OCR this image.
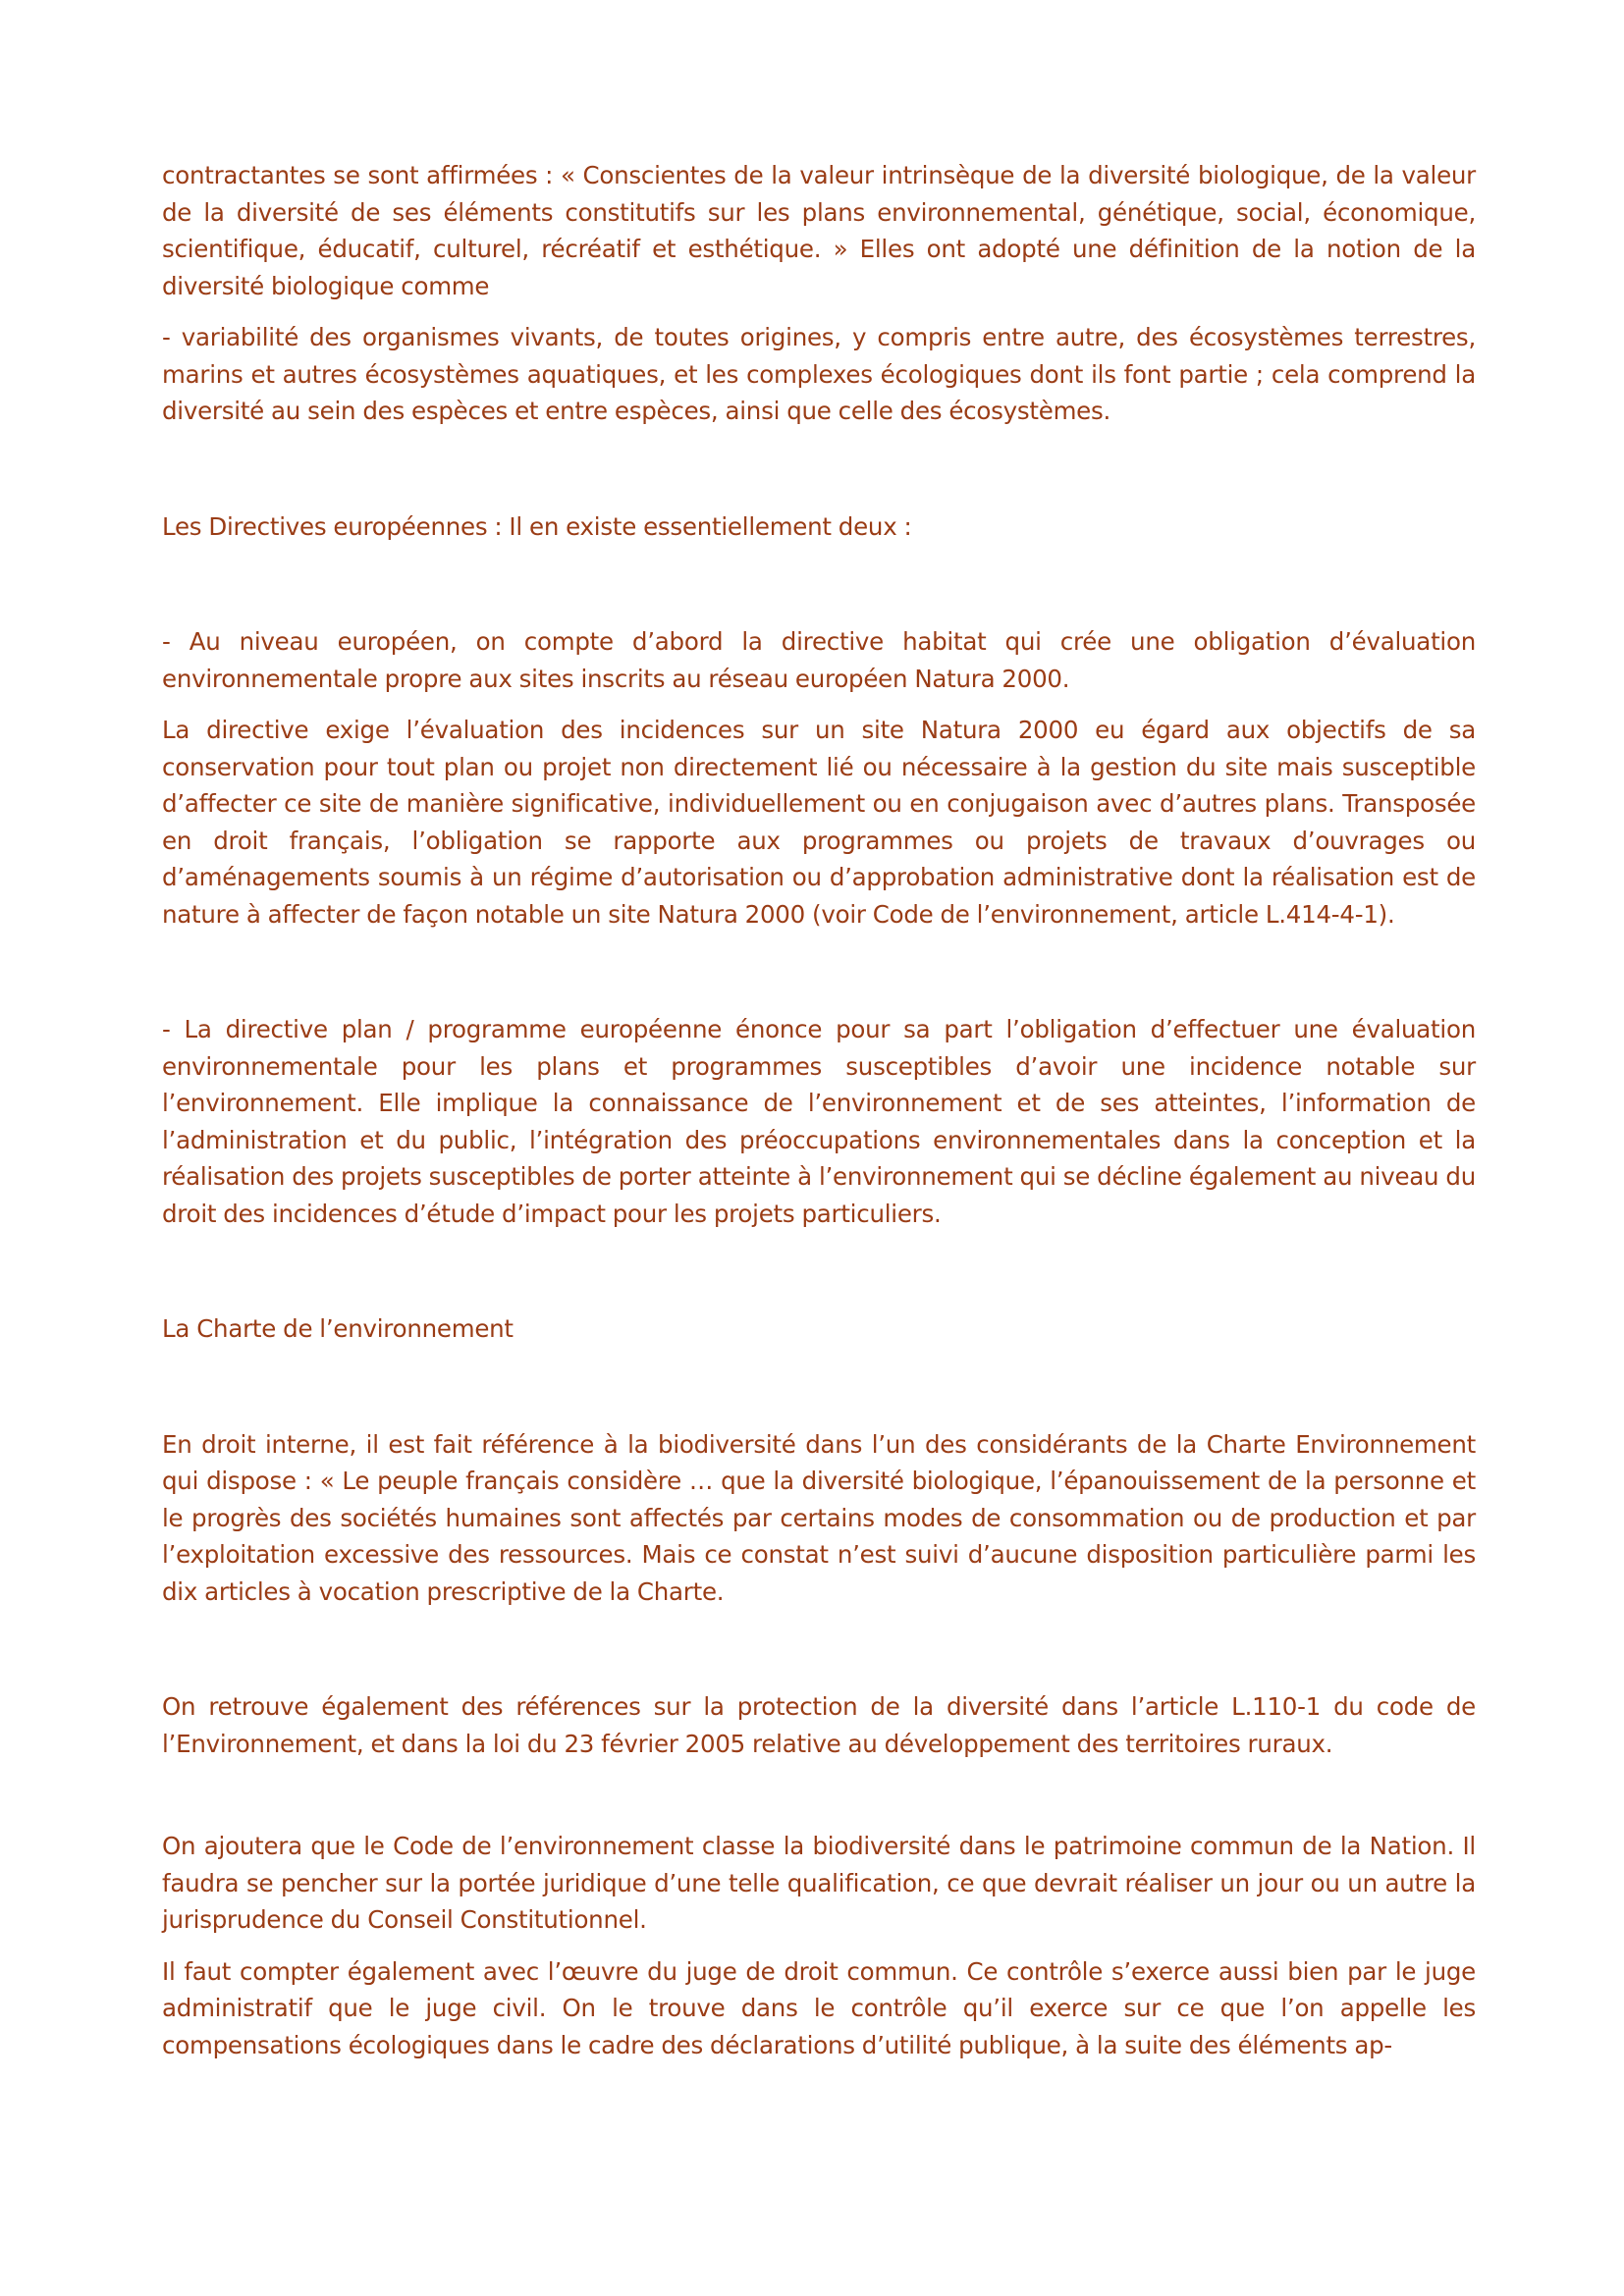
contractantes se sont affirmées : « Conscientes de la valeur intrinsèque de la diversité biologique, de la valeur de la diversité de ses éléments constitutifs sur les plans environnemental, génétique, social, économique, scientifique, éducatif, culturel, récréatif et esthétique. » Elles ont adopté une définition de la notion de la diversité biologique comme

- variabilité des organismes vivants, de toutes origines, y compris entre autre, des écosystèmes terrestres, marins et autres écosystèmes aquatiques, et les complexes écologiques dont ils font partie ; cela comprend la diversité au sein des espèces et entre espèces, ainsi que celle des écosystèmes.

Les Directives européennes : Il en existe essentiellement deux :

- Au niveau européen, on compte d’abord la directive habitat qui crée une obligation d’évaluation environnementale propre aux sites inscrits au réseau européen Natura 2000.

La directive exige l’évaluation des incidences sur un site Natura 2000 eu égard aux objectifs de sa conservation pour tout plan ou projet non directement lié ou nécessaire à la gestion du site mais susceptible d’affecter ce site de manière significative, individuellement ou en conjugaison avec d’autres plans. Transposée en droit français, l’obligation se rapporte aux programmes ou projets de travaux d’ouvrages ou d’aménagements soumis à un régime d’autorisation ou d’approbation administrative dont la réalisation est de nature à affecter de façon notable un site Natura 2000 (voir Code de l’environnement, article L.414-4-1).

- La directive plan / programme européenne énonce pour sa part l’obligation d’effectuer une évaluation environnementale pour les plans et programmes susceptibles d’avoir une incidence notable sur l’environnement. Elle implique la connaissance de l’environnement et de ses atteintes, l’information de l’administration et du public, l’intégration des préoccupations environnementales dans la conception et la réalisation des projets susceptibles de porter atteinte à l’environnement qui se décline également au niveau du droit des incidences d’étude d’impact pour les projets particuliers.

La Charte de l’environnement

En droit interne, il est fait référence à la biodiversité dans l’un des considérants de la Charte Environnement qui dispose : « Le peuple français considère … que la diversité biologique, l’épanouissement de la personne et le progrès des sociétés humaines sont affectés par certains modes de consommation ou de production et par l’exploitation excessive des ressources. Mais ce constat n’est suivi d’aucune disposition particulière parmi les dix articles à vocation prescriptive de la Charte.

On retrouve également des références sur la protection de la diversité dans l’article L.110-1 du code de l’Environnement, et dans la loi du 23 février 2005 relative au développement des territoires ruraux.

On ajoutera que le Code de l’environnement classe la biodiversité dans le patrimoine commun de la Nation. Il faudra se pencher sur la portée juridique d’une telle qualification, ce que devrait réaliser un jour ou un autre la jurisprudence du Conseil Constitutionnel.

Il faut compter également avec l’œuvre du juge de droit commun. Ce contrôle s’exerce aussi bien par le juge administratif que le juge civil. On le trouve dans le contrôle qu’il exerce sur ce que l’on appelle les compensations écologiques dans le cadre des déclarations d’utilité publique, à la suite des éléments ap-
